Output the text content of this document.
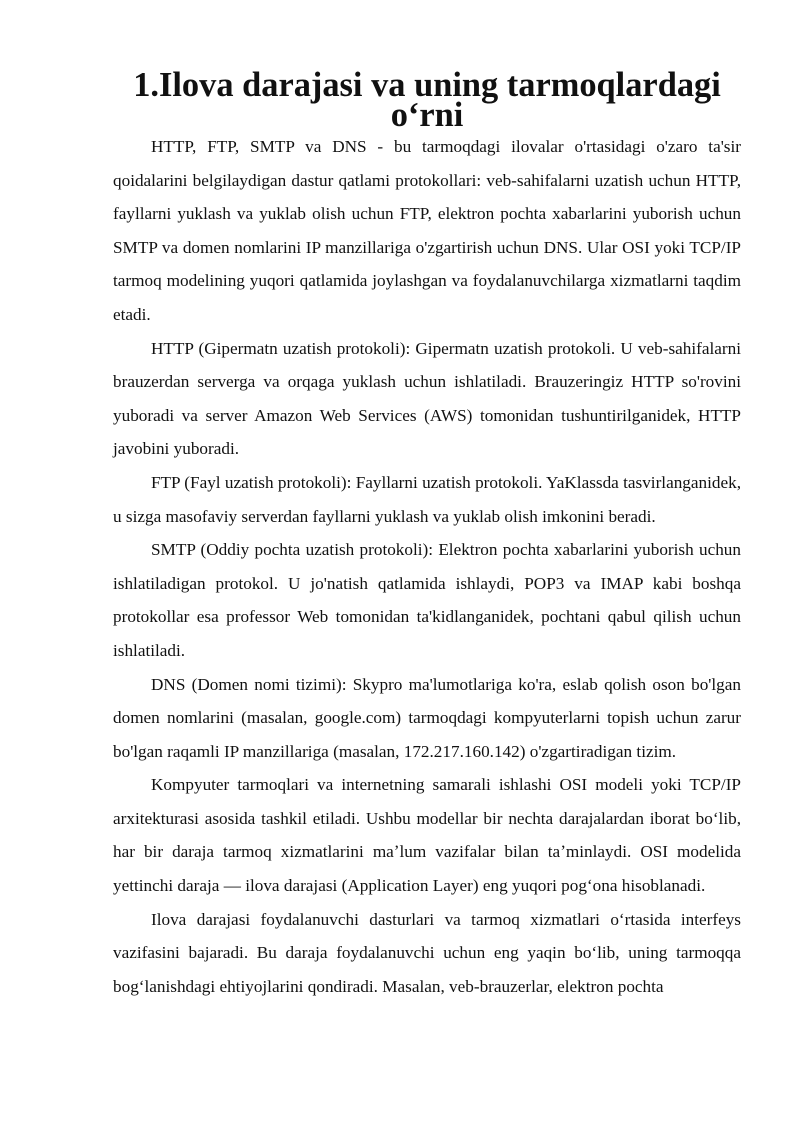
1.Ilova darajasi va uning tarmoqlardagi oʻrni

HTTP, FTP, SMTP va DNS - bu tarmoqdagi ilovalar o'rtasidagi o'zaro ta'sir qoidalarini belgilaydigan dastur qatlami protokollari: veb-sahifalarni uzatish uchun HTTP, fayllarni yuklash va yuklab olish uchun FTP, elektron pochta xabarlarini yuborish uchun SMTP va domen nomlarini IP manzillariga o'zgartirish uchun DNS. Ular OSI yoki TCP/IP tarmoq modelining yuqori qatlamida joylashgan va foydalanuvchilarga xizmatlarni taqdim etadi.

HTTP (Gipermatn uzatish protokoli): Gipermatn uzatish protokoli. U veb-sahifalarni brauzerdan serverga va orqaga yuklash uchun ishlatiladi. Brauzeringiz HTTP so'rovini yuboradi va server Amazon Web Services (AWS) tomonidan tushuntirilganidek, HTTP javobini yuboradi.

FTP (Fayl uzatish protokoli): Fayllarni uzatish protokoli. YaKlassda tasvirlanganidek, u sizga masofaviy serverdan fayllarni yuklash va yuklab olish imkonini beradi.

SMTP (Oddiy pochta uzatish protokoli): Elektron pochta xabarlarini yuborish uchun ishlatiladigan protokol. U jo'natish qatlamida ishlaydi, POP3 va IMAP kabi boshqa protokollar esa professor Web tomonidan ta'kidlanganidek, pochtani qabul qilish uchun ishlatiladi.

DNS (Domen nomi tizimi): Skypro ma'lumotlariga ko'ra, eslab qolish oson bo'lgan domen nomlarini (masalan, google.com) tarmoqdagi kompyuterlarni topish uchun zarur bo'lgan raqamli IP manzillariga (masalan, 172.217.160.142) o'zgartiradigan tizim.

Kompyuter tarmoqlari va internetning samarali ishlashi OSI modeli yoki TCP/IP arxitekturasi asosida tashkil etiladi. Ushbu modellar bir nechta darajalardan iborat boʻlib, har bir daraja tarmoq xizmatlarini maʼlum vazifalar bilan taʼminlaydi. OSI modelida yettinchi daraja — ilova darajasi (Application Layer) eng yuqori pogʻona hisoblanadi.

Ilova darajasi foydalanuvchi dasturlari va tarmoq xizmatlari oʻrtasida interfeys vazifasini bajaradi. Bu daraja foydalanuvchi uchun eng yaqin boʻlib, uning tarmoqqa bogʻlanishdagi ehtiyojlarini qondiradi. Masalan, veb-brauzerlar, elektron pochta
